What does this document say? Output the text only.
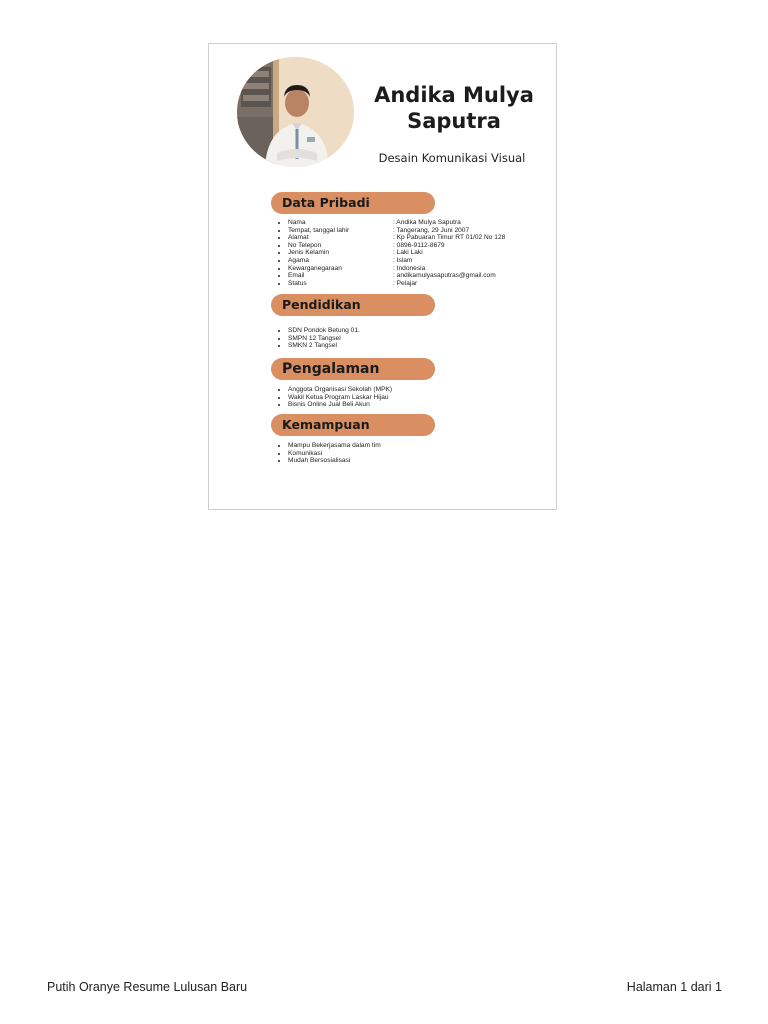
Andika Mulya
Saputra
Desain Komunikasi Visual
Data Pribadi
• Nama
• Tempat, tanggal lahir
• Alamat
• No Telepon
• Jenis Kelamin
• Agama
• Kewarganegaraan
• Email
• Status
: Andika Mulya Saputra
: Tangerang, 29 Juni 2007
: Kp Pabuaran Timur RT 01/02 No 128
: 0896-9112-8679
: Laki Laki
: Islam
: Indonesia
: andikamulyasaputras@gmail.com
: Pelajar
Pendidikan
• SDN Pondok Betung 01.
• SMPN 12 Tangsel
• SMKN 2 Tangsel
Pengalaman
• Anggota Organisasi Sekolah (MPK)
• Wakil Ketua Program Laskar Hijau
• Bisnis Online Jual Beli Akun
Kemampuan
• Mampu Bekerjasama dalam tim
• Komunikasi
• Mudah Bersosialisasi
Putih Oranye Resume Lulusan Baru	Halaman 1 dari 1
